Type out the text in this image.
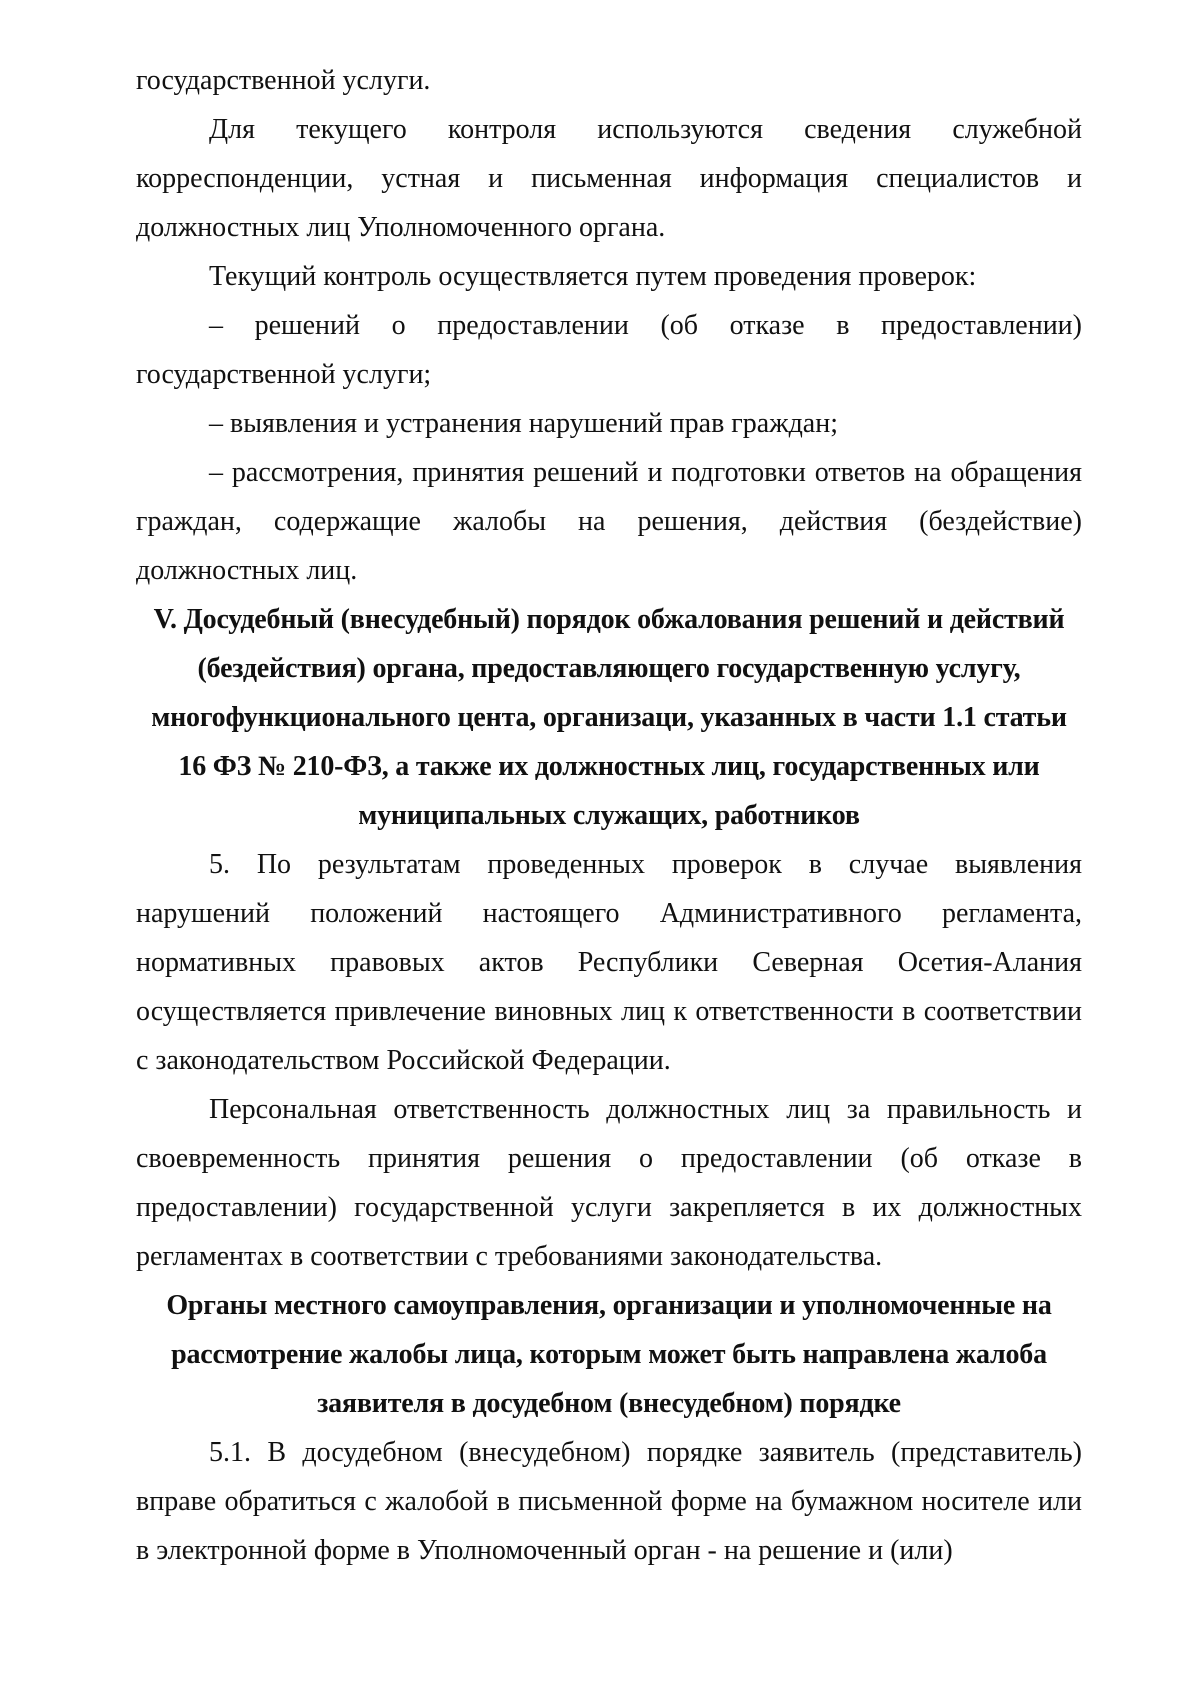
государственной услуги.

Для текущего контроля используются сведения служебной корреспонденции, устная и письменная информация специалистов и должностных лиц Уполномоченного органа.

Текущий контроль осуществляется путем проведения проверок:

– решений о предоставлении (об отказе в предоставлении) государственной услуги;

– выявления и устранения нарушений прав граждан;

– рассмотрения, принятия решений и подготовки ответов на обращения граждан, содержащие жалобы на решения, действия (бездействие) должностных лиц.

V. Досудебный (внесудебный) порядок обжалования решений и действий (бездействия) органа, предоставляющего государственную услугу, многофункционального цента, организаци, указанных в части 1.1 статьи 16 ФЗ № 210-ФЗ, а также их должностных лиц, государственных или муниципальных служащих, работников

5. По результатам проведенных проверок в случае выявления нарушений положений настоящего Административного регламента, нормативных правовых актов Республики Северная Осетия-Алания осуществляется привлечение виновных лиц к ответственности в соответствии с законодательством Российской Федерации.

Персональная ответственность должностных лиц за правильность и своевременность принятия решения о предоставлении (об отказе в предоставлении) государственной услуги закрепляется в их должностных регламентах в соответствии с требованиями законодательства.

Органы местного самоуправления, организации и уполномоченные на рассмотрение жалобы лица, которым может быть направлена жалоба заявителя в досудебном (внесудебном) порядке

5.1. В досудебном (внесудебном) порядке заявитель (представитель) вправе обратиться с жалобой в письменной форме на бумажном носителе или в электронной форме в Уполномоченный орган - на решение и (или)
